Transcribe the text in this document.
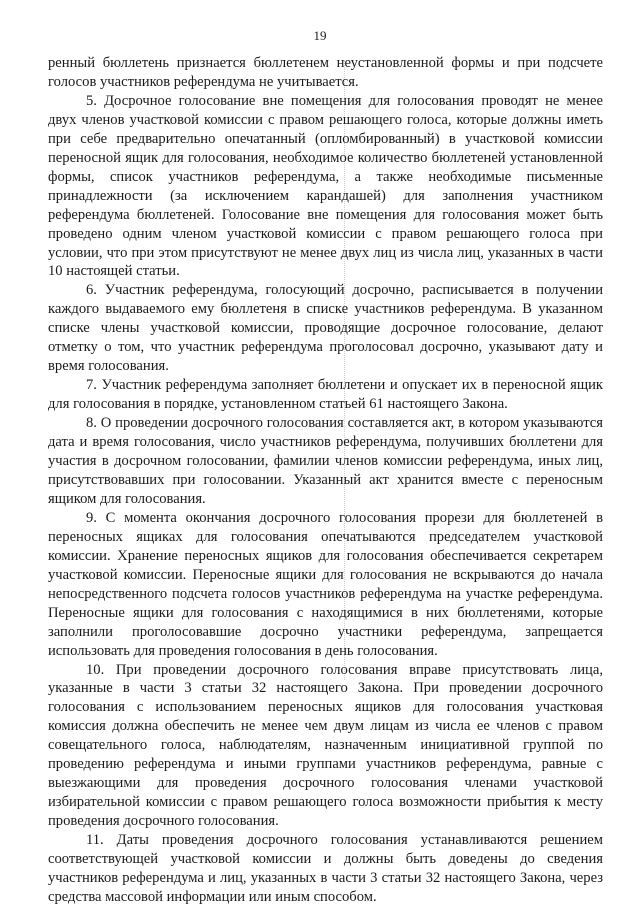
19

ренный бюллетень признается бюллетенем неустановленной формы и при подсчете голосов участников референдума не учитывается.

5. Досрочное голосование вне помещения для голосования проводят не менее двух членов участковой комиссии с правом решающего голоса, которые должны иметь при себе предварительно опечатанный (опломбированный) в участковой комиссии переносной ящик для голосования, необходимое количество бюллетеней установленной формы, список участников референдума, а также необходимые письменные принадлежности (за исключением карандашей) для заполнения участником референдума бюллетеней. Голосование вне помещения для голосования может быть проведено одним членом участковой комиссии с правом решающего голоса при условии, что при этом присутствуют не менее двух лиц из числа лиц, указанных в части 10 настоящей статьи.

6. Участник референдума, голосующий досрочно, расписывается в получении каждого выдаваемого ему бюллетеня в списке участников референдума. В указанном списке члены участковой комиссии, проводящие досрочное голосование, делают отметку о том, что участник референдума проголосовал досрочно, указывают дату и время голосования.

7. Участник референдума заполняет бюллетени и опускает их в переносной ящик для голосования в порядке, установленном статьей 61 настоящего Закона.

8. О проведении досрочного голосования составляется акт, в котором указываются дата и время голосования, число участников референдума, получивших бюллетени для участия в досрочном голосовании, фамилии членов комиссии референдума, иных лиц, присутствовавших при голосовании. Указанный акт хранится вместе с переносным ящиком для голосования.

9. С момента окончания досрочного голосования прорези для бюллетеней в переносных ящиках для голосования опечатываются председателем участковой комиссии. Хранение переносных ящиков для голосования обеспечивается секретарем участковой комиссии. Переносные ящики для голосования не вскрываются до начала непосредственного подсчета голосов участников референдума на участке референдума. Переносные ящики для голосования с находящимися в них бюллетенями, которые заполнили проголосовавшие досрочно участники референдума, запрещается использовать для проведения голосования в день голосования.

10. При проведении досрочного голосования вправе присутствовать лица, указанные в части 3 статьи 32 настоящего Закона. При проведении досрочного голосования с использованием переносных ящиков для голосования участковая комиссия должна обеспечить не менее чем двум лицам из числа ее членов с правом совещательного голоса, наблюдателям, назначенным инициативной группой по проведению референдума и иными группами участников референдума, равные с выезжающими для проведения досрочного голосования членами участковой избирательной комиссии с правом решающего голоса возможности прибытия к месту проведения досрочного голосования.

11. Даты проведения досрочного голосования устанавливаются решением соответствующей участковой комиссии и должны быть доведены до сведения участников референдума и лиц, указанных в части 3 статьи 32 настоящего Закона, через средства массовой информации или иным способом.
